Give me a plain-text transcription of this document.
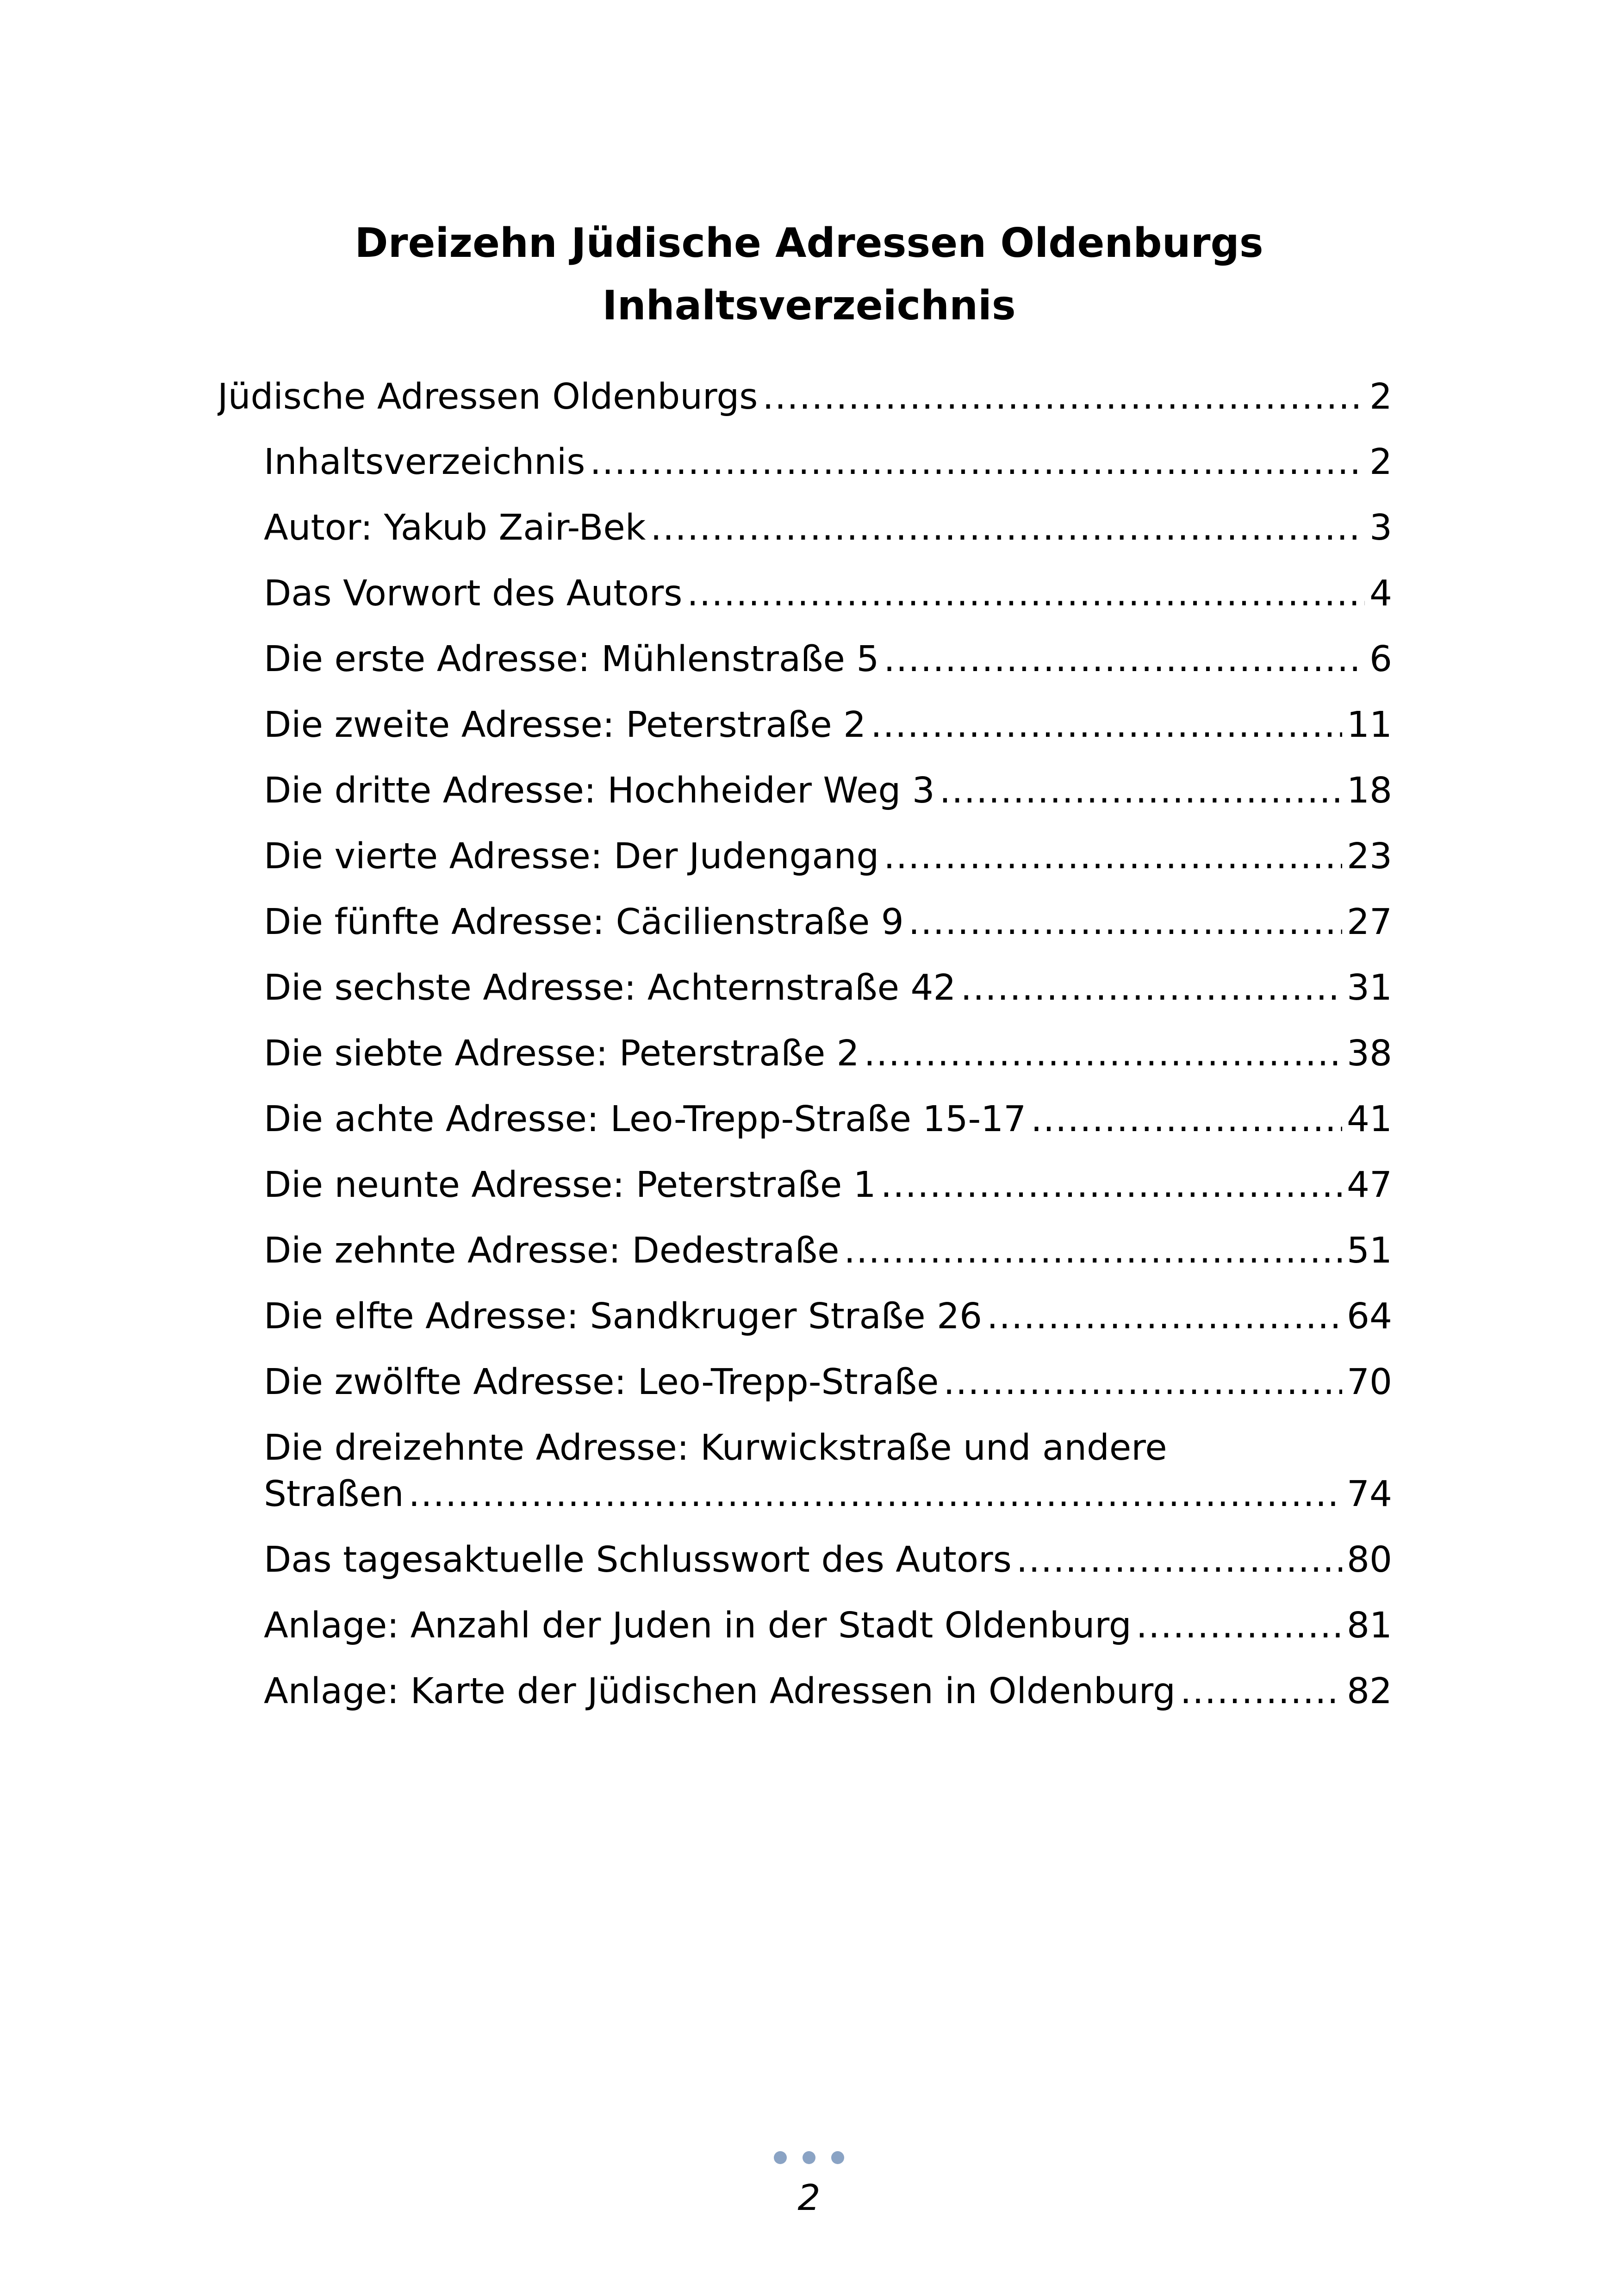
Dreizehn Jüdische Adressen Oldenburgs
Inhaltsverzeichnis
Jüdische Adressen Oldenburgs .....	2
Inhaltsverzeichnis .....	2
Autor: Yakub Zair-Bek .....	3
Das Vorwort des Autors .....	4
Die erste Adresse: Mühlenstraße 5 .....	6
Die zweite Adresse: Peterstraße 2 .....	11
Die dritte Adresse: Hochheider Weg 3 .....	18
Die vierte Adresse: Der Judengang .....	23
Die fünfte Adresse: Cäcilienstraße 9 .....	27
Die sechste Adresse: Achternstraße 42 .....	31
Die siebte Adresse: Peterstraße 2 .....	38
Die achte Adresse: Leo-Trepp-Straße 15-17 .....	41
Die neunte Adresse: Peterstraße 1 .....	47
Die zehnte Adresse: Dedestraße .....	51
Die elfte Adresse: Sandkruger Straße 26 .....	64
Die zwölfte Adresse: Leo-Trepp-Straße .....	70
Die dreizehnte Adresse: Kurwickstraße und andere
Straßen .....	74
Das tagesaktuelle Schlusswort des Autors .....	80
Anlage: Anzahl der Juden in der Stadt Oldenburg .....	81
Anlage: Karte der Jüdischen Adressen in Oldenburg .....	82
2
